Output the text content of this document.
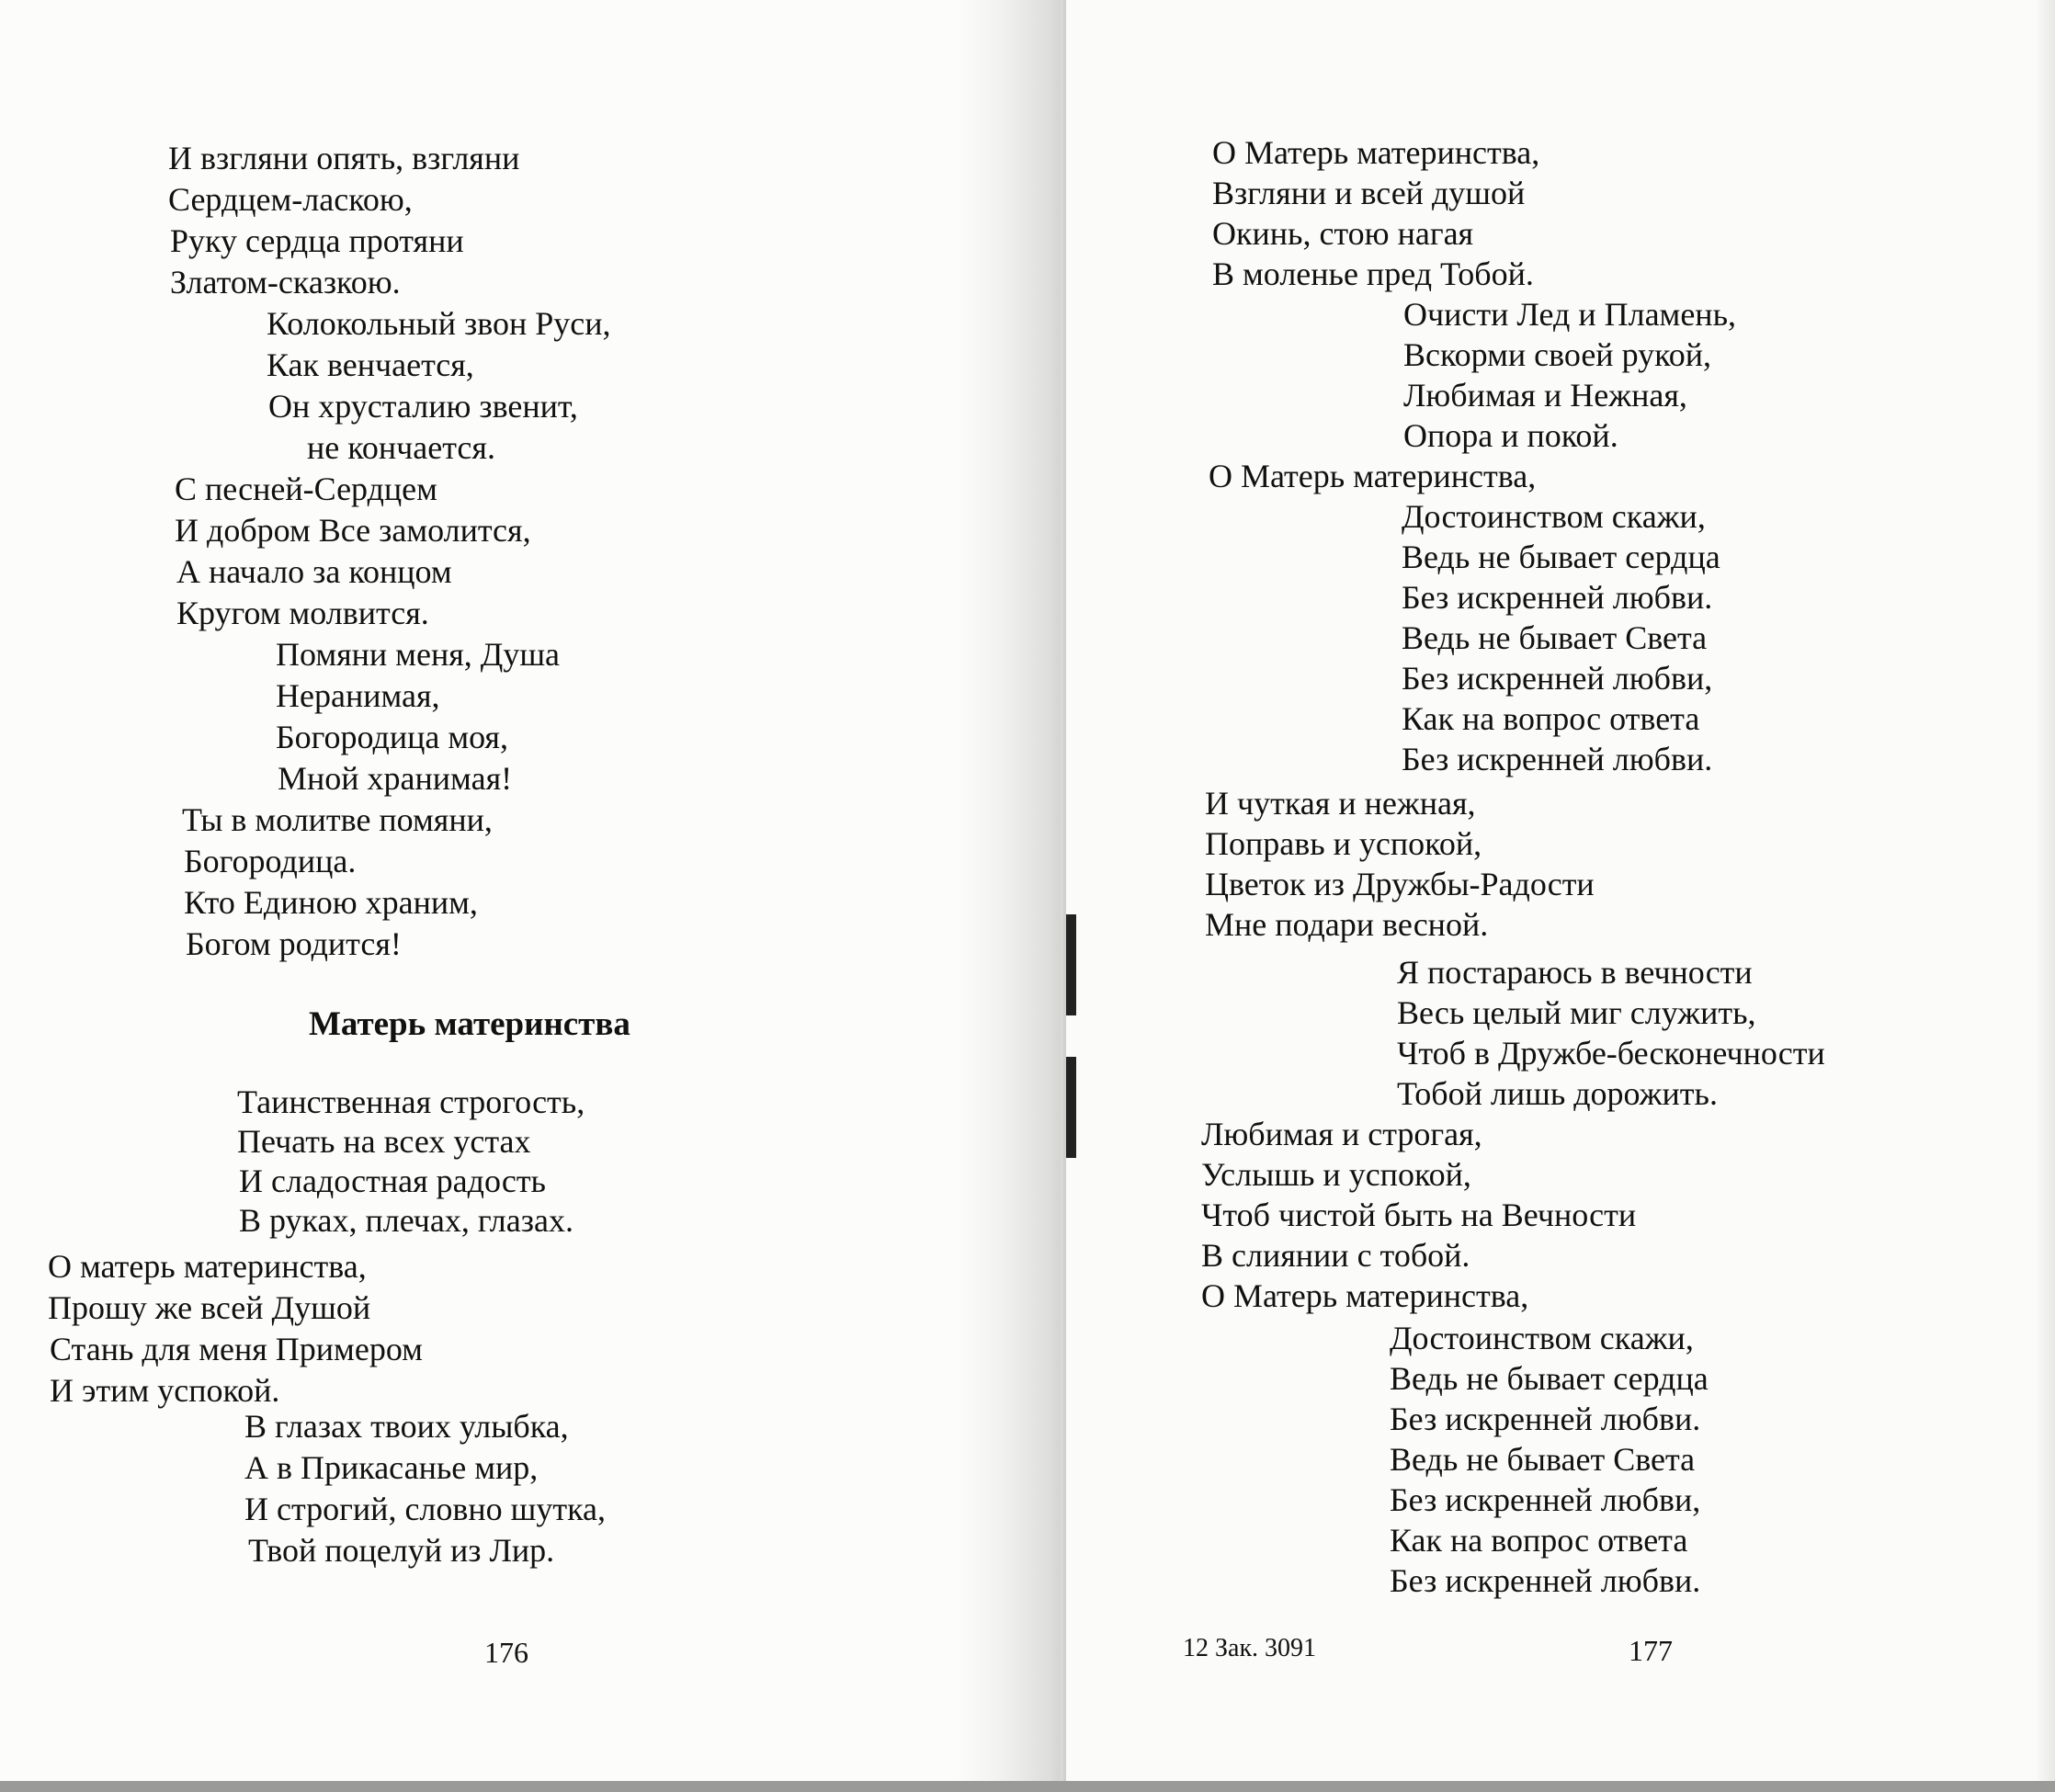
И взгляни опять, взгляни
Сердцем-ласкою,
Руку сердца протяни
Златом-сказкою.
Колокольный звон Руси,
Как венчается,
Он хрусталию звенит,
не кончается.
С песней-Сердцем
И добром Все замолится,
А начало за концом
Кругом молвится.
Помяни меня, Душа
Неранимая,
Богородица моя,
Мной хранимая!
Ты в молитве помяни,
Богородица.
Кто Единою храним,
Богом родится!
Матерь материнства
Таинственная строгость,
Печать на всех устах
И сладостная радость
В руках, плечах, глазах.
О матерь материнства,
Прошу же всей Душой
Стань для меня Примером
И этим успокой.
В глазах твоих улыбка,
А в Прикасанье мир,
И строгий, словно шутка,
Твой поцелуй из Лир.
176
О Матерь материнства,
Взгляни и всей душой
Окинь, стою нагая
В моленье пред Тобой.
Очисти Лед и Пламень,
Вскорми своей рукой,
Любимая и Нежная,
Опора и покой.
О Матерь материнства,
Достоинством скажи,
Ведь не бывает сердца
Без искренней любви.
Ведь не бывает Света
Без искренней любви,
Как на вопрос ответа
Без искренней любви.
И чуткая и нежная,
Поправь и успокой,
Цветок из Дружбы-Радости
Мне подари весной.
Я постараюсь в вечности
Весь целый миг служить,
Чтоб в Дружбе-бесконечности
Тобой лишь дорожить.
Любимая и строгая,
Услышь и успокой,
Чтоб чистой быть на Вечности
В слиянии с тобой.
О Матерь материнства,
Достоинством скажи,
Ведь не бывает сердца
Без искренней любви.
Ведь не бывает Света
Без искренней любви,
Как на вопрос ответа
Без искренней любви.
12 Зак. 3091	177
